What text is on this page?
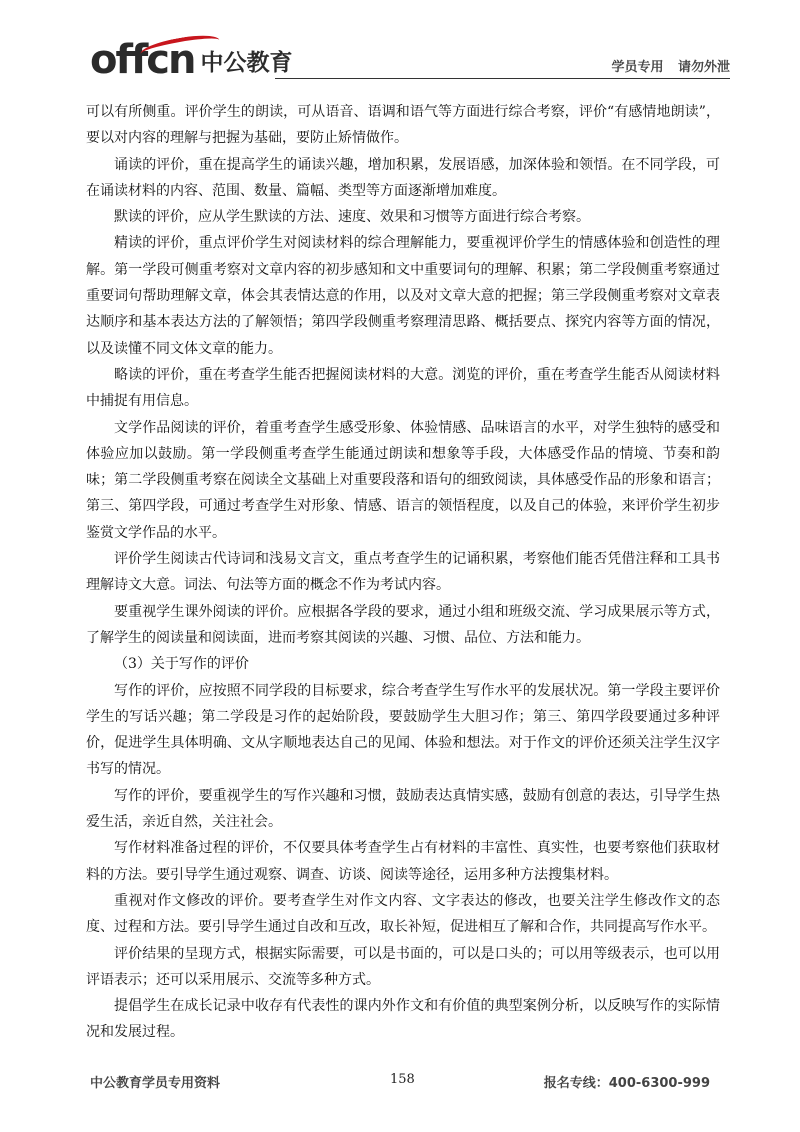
offcn 中公教育	学员专用 请勿外泄

可以有所侧重。评价学生的朗读，可从语音、语调和语气等方面进行综合考察，评价“有感情地朗读”，要以对内容的理解与把握为基础，要防止矫情做作。

诵读的评价，重在提高学生的诵读兴趣，增加积累，发展语感，加深体验和领悟。在不同学段，可在诵读材料的内容、范围、数量、篇幅、类型等方面逐渐增加难度。

默读的评价，应从学生默读的方法、速度、效果和习惯等方面进行综合考察。

精读的评价，重点评价学生对阅读材料的综合理解能力，要重视评价学生的情感体验和创造性的理解。第一学段可侧重考察对文章内容的初步感知和文中重要词句的理解、积累；第二学段侧重考察通过重要词句帮助理解文章，体会其表情达意的作用，以及对文章大意的把握；第三学段侧重考察对文章表达顺序和基本表达方法的了解领悟；第四学段侧重考察理清思路、概括要点、探究内容等方面的情况，以及读懂不同文体文章的能力。

略读的评价，重在考查学生能否把握阅读材料的大意。浏览的评价，重在考查学生能否从阅读材料中捕捉有用信息。

文学作品阅读的评价，着重考查学生感受形象、体验情感、品味语言的水平，对学生独特的感受和体验应加以鼓励。第一学段侧重考查学生能通过朗读和想象等手段，大体感受作品的情境、节奏和韵味；第二学段侧重考察在阅读全文基础上对重要段落和语句的细致阅读，具体感受作品的形象和语言；第三、第四学段，可通过考查学生对形象、情感、语言的领悟程度，以及自己的体验，来评价学生初步鉴赏文学作品的水平。

评价学生阅读古代诗词和浅易文言文，重点考查学生的记诵积累，考察他们能否凭借注释和工具书理解诗文大意。词法、句法等方面的概念不作为考试内容。

要重视学生课外阅读的评价。应根据各学段的要求，通过小组和班级交流、学习成果展示等方式，了解学生的阅读量和阅读面，进而考察其阅读的兴趣、习惯、品位、方法和能力。

（3）关于写作的评价

写作的评价，应按照不同学段的目标要求，综合考查学生写作水平的发展状况。第一学段主要评价学生的写话兴趣；第二学段是习作的起始阶段，要鼓励学生大胆习作；第三、第四学段要通过多种评价，促进学生具体明确、文从字顺地表达自己的见闻、体验和想法。对于作文的评价还须关注学生汉字书写的情况。

写作的评价，要重视学生的写作兴趣和习惯，鼓励表达真情实感，鼓励有创意的表达，引导学生热爱生活，亲近自然，关注社会。

写作材料准备过程的评价，不仅要具体考查学生占有材料的丰富性、真实性，也要考察他们获取材料的方法。要引导学生通过观察、调查、访谈、阅读等途径，运用多种方法搜集材料。

重视对作文修改的评价。要考查学生对作文内容、文字表达的修改，也要关注学生修改作文的态度、过程和方法。要引导学生通过自改和互改，取长补短，促进相互了解和合作，共同提高写作水平。

评价结果的呈现方式，根据实际需要，可以是书面的，可以是口头的；可以用等级表示，也可以用评语表示；还可以采用展示、交流等多种方式。

提倡学生在成长记录中收存有代表性的课内外作文和有价值的典型案例分析，以反映写作的实际情况和发展过程。

中公教育学员专用资料	158	报名专线：400-6300-999
